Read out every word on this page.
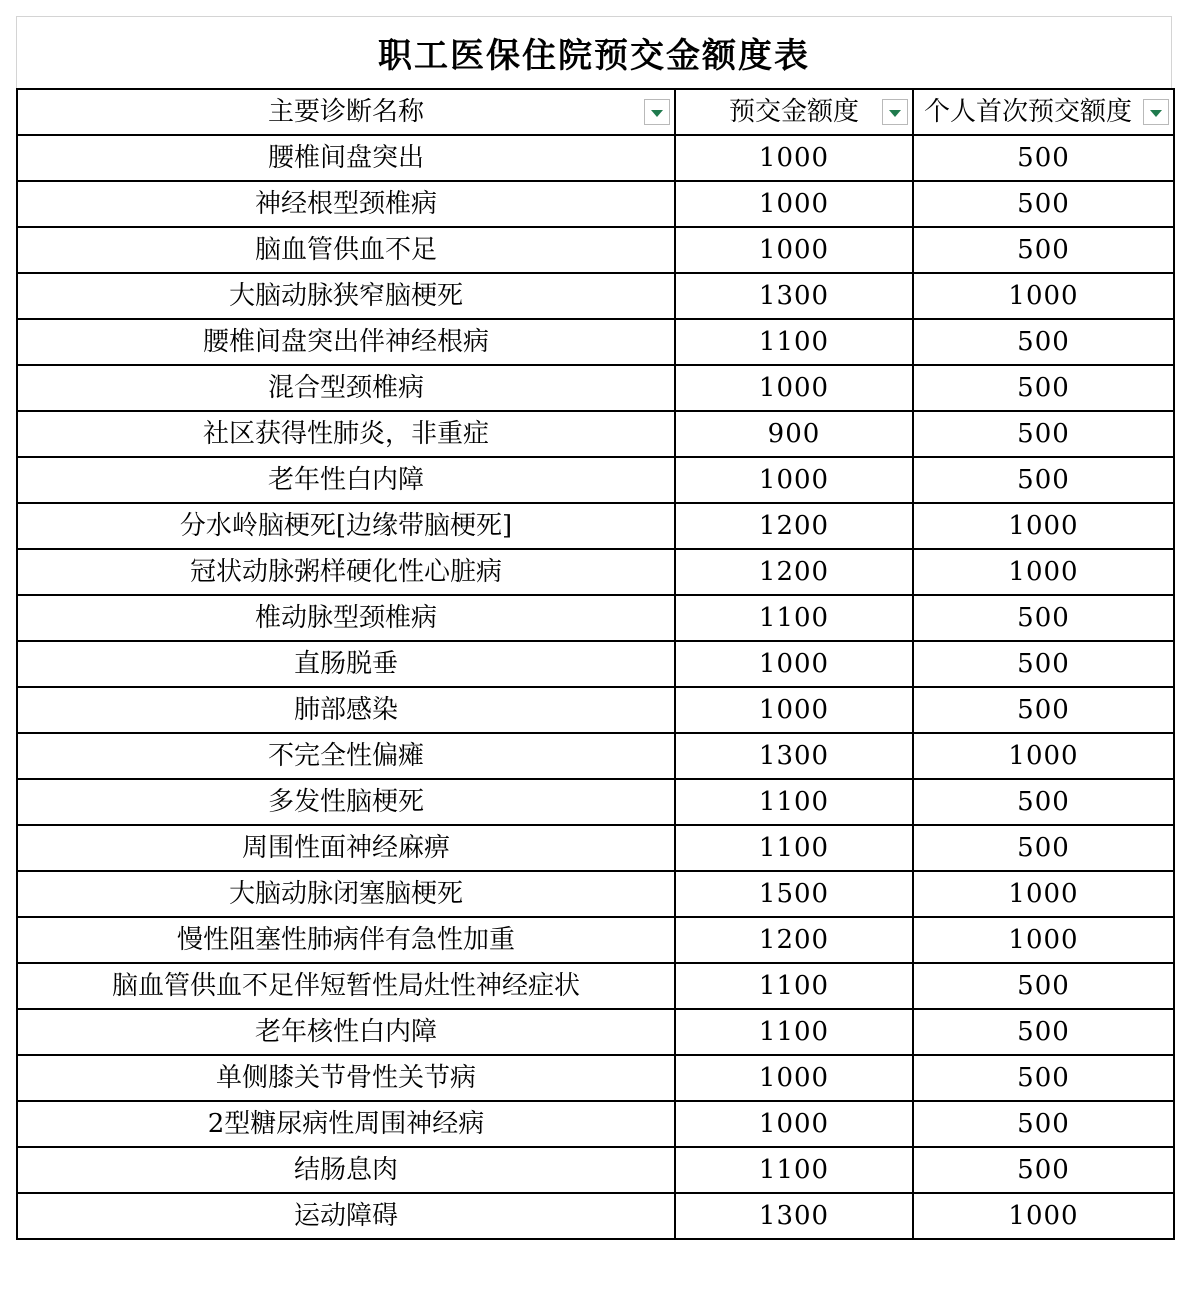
职工医保住院预交金额度表
主要诊断名称	预交金额度	个人首次预交额度

腰椎间盘突出	1000	500
神经根型颈椎病	1000	500
脑血管供血不足	1000	500
大脑动脉狭窄脑梗死	1300	1000
腰椎间盘突出伴神经根病	1100	500
混合型颈椎病	1000	500
社区获得性肺炎，非重症	900	500
老年性白内障	1000	500
分水岭脑梗死[边缘带脑梗死]	1200	1000
冠状动脉粥样硬化性心脏病	1200	1000
椎动脉型颈椎病	1100	500
直肠脱垂	1000	500
肺部感染	1000	500
不完全性偏瘫	1300	1000
多发性脑梗死	1100	500
周围性面神经麻痹	1100	500
大脑动脉闭塞脑梗死	1500	1000
慢性阻塞性肺病伴有急性加重	1200	1000
脑血管供血不足伴短暂性局灶性神经症状	1100	500
老年核性白内障	1100	500
单侧膝关节骨性关节病	1000	500
2型糖尿病性周围神经病	1000	500
结肠息肉	1100	500
运动障碍	1300	1000
